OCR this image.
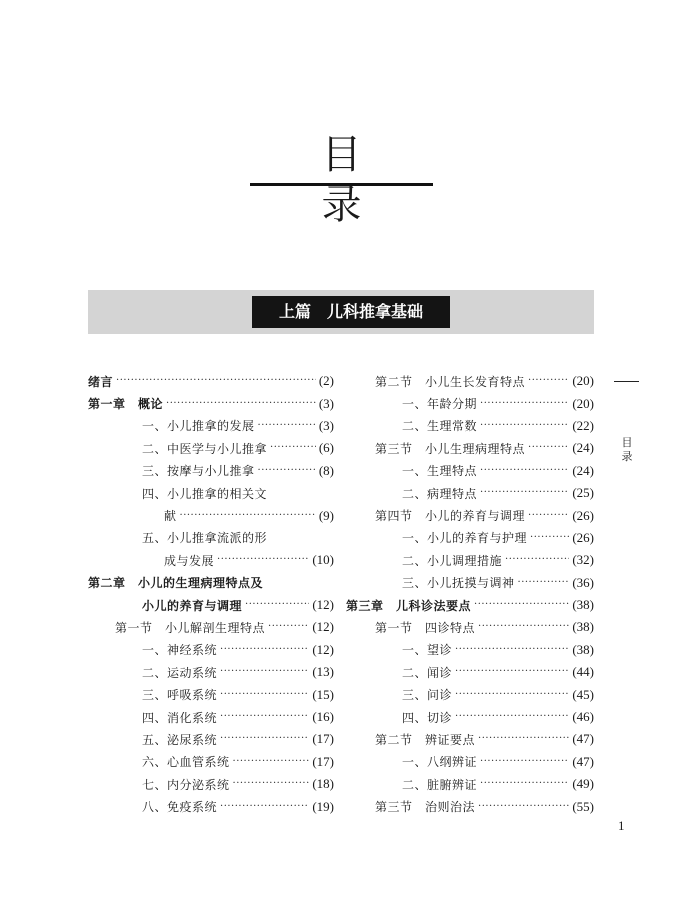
目　录
上篇　儿科推拿基础
绪言 ·····	(2)
第一章　概论 ·····	(3)
一、小儿推拿的发展 ·····	(3)
二、中医学与小儿推拿 ·····	(6)
三、按摩与小儿推拿 ·····	(8)
四、小儿推拿的相关文
献 ·····	(9)
五、小儿推拿流派的形
成与发展 ·····	(10)
第二章　小儿的生理病理特点及
小儿的养育与调理 ·····	(12)
第一节　小儿解剖生理特点 ·····	(12)
一、神经系统 ·····	(12)
二、运动系统 ·····	(13)
三、呼吸系统 ·····	(15)
四、消化系统 ·····	(16)
五、泌尿系统 ·····	(17)
六、心血管系统 ·····	(17)
七、内分泌系统 ·····	(18)
八、免疫系统 ·····	(19)
第二节　小儿生长发育特点 ·····	(20)
一、年龄分期 ·····	(20)
二、生理常数 ·····	(22)
第三节　小儿生理病理特点 ·····	(24)
一、生理特点 ·····	(24)
二、病理特点 ·····	(25)
第四节　小儿的养育与调理 ·····	(26)
一、小儿的养育与护理 ·····	(26)
二、小儿调理措施 ·····	(32)
三、小儿抚摸与调神 ·····	(36)
第三章　儿科诊法要点 ·····	(38)
第一节　四诊特点 ·····	(38)
一、望诊 ·····	(38)
二、闻诊 ·····	(44)
三、问诊 ·····	(45)
四、切诊 ·····	(46)
第二节　辨证要点 ·····	(47)
一、八纲辨证 ·····	(47)
二、脏腑辨证 ·····	(49)
第三节　治则治法 ·····	(55)
目录
1
